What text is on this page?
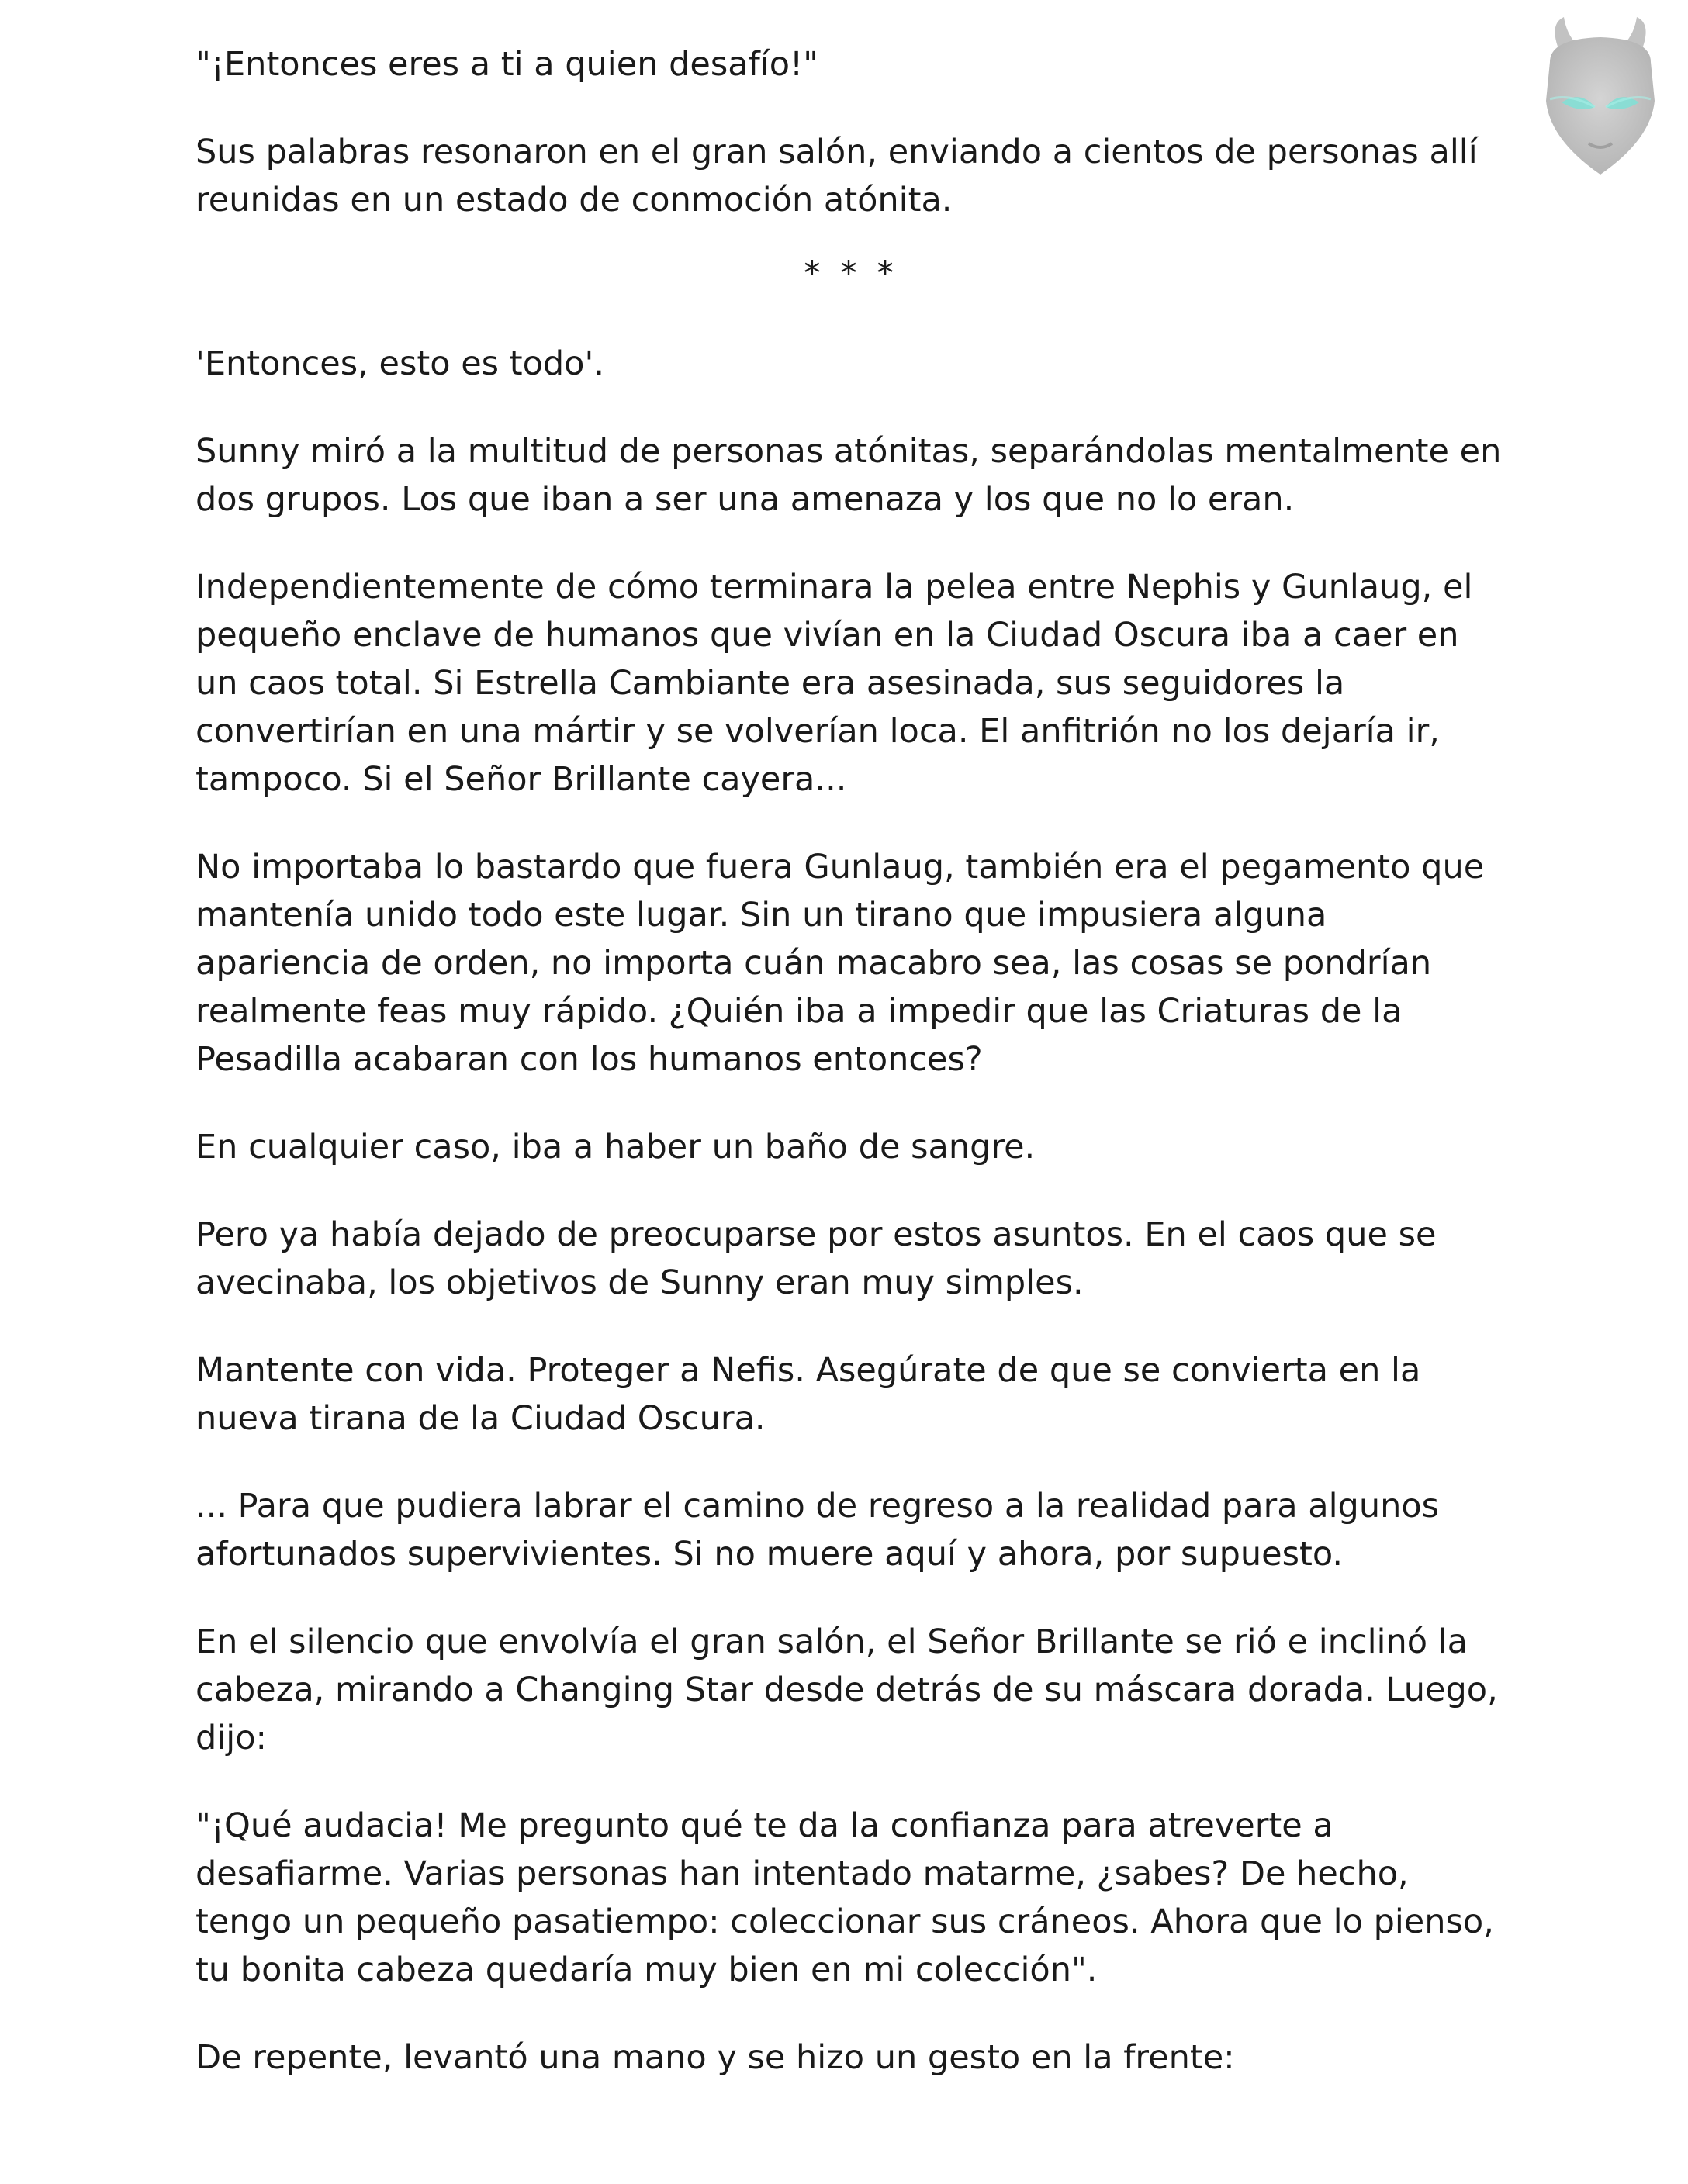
"¡Entonces eres a ti a quien desafío!"

Sus palabras resonaron en el gran salón, enviando a cientos de personas allí reunidas en un estado de conmoción atónita.

* * *

'Entonces, esto es todo'.

Sunny miró a la multitud de personas atónitas, separándolas mentalmente en dos grupos. Los que iban a ser una amenaza y los que no lo eran.

Independientemente de cómo terminara la pelea entre Nephis y Gunlaug, el pequeño enclave de humanos que vivían en la Ciudad Oscura iba a caer en un caos total. Si Estrella Cambiante era asesinada, sus seguidores la convertirían en una mártir y se volverían loca. El anfitrión no los dejaría ir, tampoco. Si el Señor Brillante cayera...

No importaba lo bastardo que fuera Gunlaug, también era el pegamento que mantenía unido todo este lugar. Sin un tirano que impusiera alguna apariencia de orden, no importa cuán macabro sea, las cosas se pondrían realmente feas muy rápido. ¿Quién iba a impedir que las Criaturas de la Pesadilla acabaran con los humanos entonces?

En cualquier caso, iba a haber un baño de sangre.

Pero ya había dejado de preocuparse por estos asuntos. En el caos que se avecinaba, los objetivos de Sunny eran muy simples.

Mantente con vida. Proteger a Nefis. Asegúrate de que se convierta en la nueva tirana de la Ciudad Oscura.

... Para que pudiera labrar el camino de regreso a la realidad para algunos afortunados supervivientes. Si no muere aquí y ahora, por supuesto.

En el silencio que envolvía el gran salón, el Señor Brillante se rió e inclinó la cabeza, mirando a Changing Star desde detrás de su máscara dorada. Luego, dijo:

"¡Qué audacia! Me pregunto qué te da la confianza para atreverte a desafiarme. Varias personas han intentado matarme, ¿sabes? De hecho, tengo un pequeño pasatiempo: coleccionar sus cráneos. Ahora que lo pienso, tu bonita cabeza quedaría muy bien en mi colección".

De repente, levantó una mano y se hizo un gesto en la frente:
